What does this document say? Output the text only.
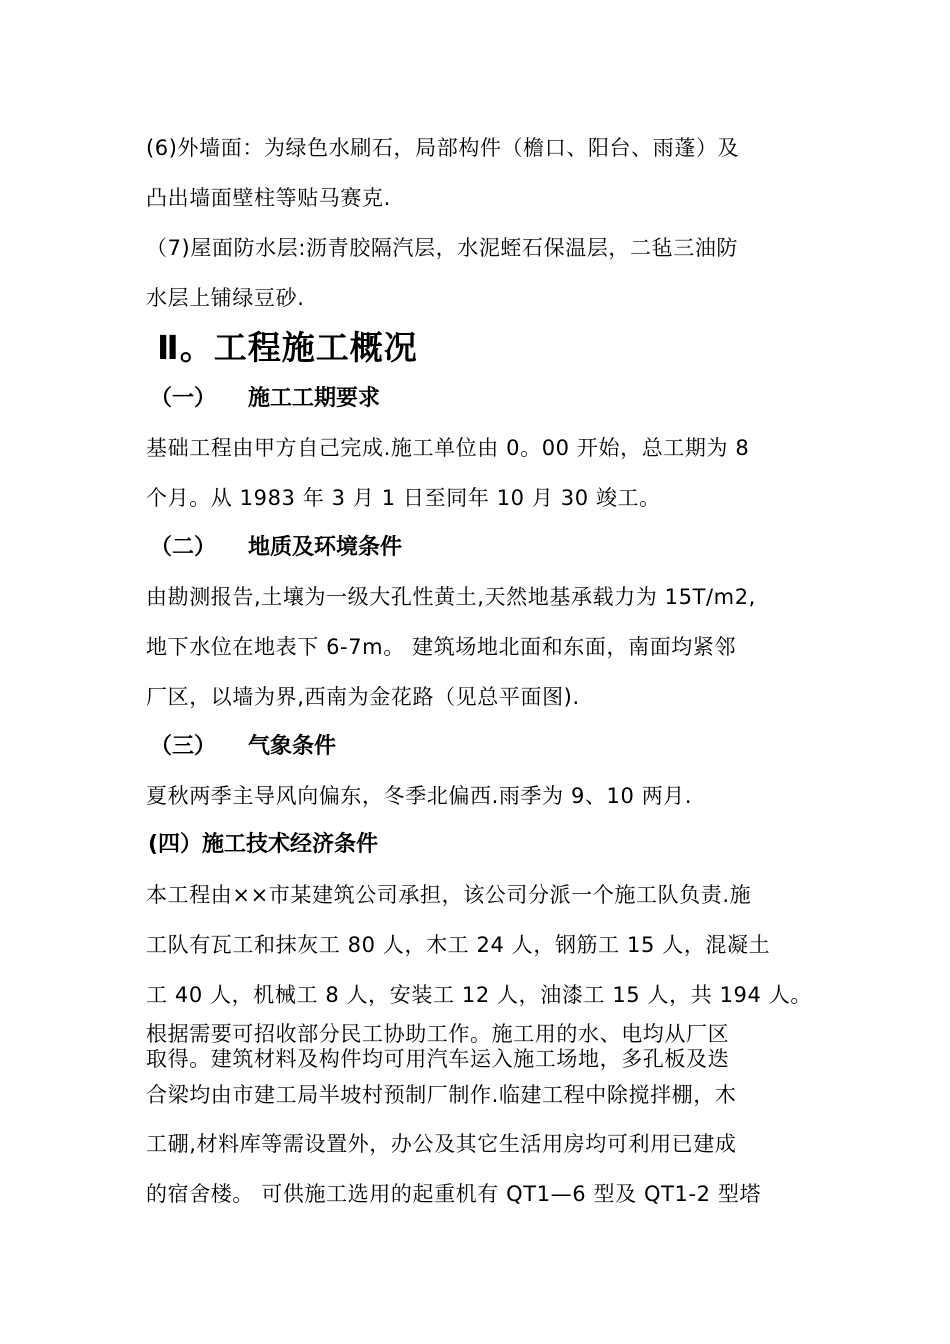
(6)外墙面：为绿色水刷石，局部构件（檐口、阳台、雨蓬）及
凸出墙面壁柱等贴马赛克.
（7)屋面防水层:沥青胶隔汽层，水泥蛭石保温层，二毡三油防
水层上铺绿豆砂.
Ⅱ。工程施工概况
（一） 施工工期要求
基础工程由甲方自己完成.施工单位由 0。00 开始，总工期为 8
个月。从 1983 年 3 月 1 日至同年 10 月 30 竣工。
（二） 地质及环境条件
由勘测报告,土壤为一级大孔性黄土,天然地基承载力为 15T/m2,
地下水位在地表下 6-7m。 建筑场地北面和东面，南面均紧邻
厂区，以墙为界,西南为金花路（见总平面图).
（三） 气象条件
夏秋两季主导风向偏东，冬季北偏西.雨季为 9、10 两月.
(四）施工技术经济条件
本工程由××市某建筑公司承担，该公司分派一个施工队负责.施
工队有瓦工和抹灰工 80 人，木工 24 人，钢筋工 15 人，混凝土
工 40 人，机械工 8 人，安装工 12 人，油漆工 15 人，共 194 人。
根据需要可招收部分民工协助工作。施工用的水、电均从厂区
取得。建筑材料及构件均可用汽车运入施工场地，多孔板及迭
合梁均由市建工局半坡村预制厂制作.临建工程中除搅拌棚，木
工硼,材料库等需设置外，办公及其它生活用房均可利用已建成
的宿舍楼。 可供施工选用的起重机有 QT1—6 型及 QT1-2 型塔
